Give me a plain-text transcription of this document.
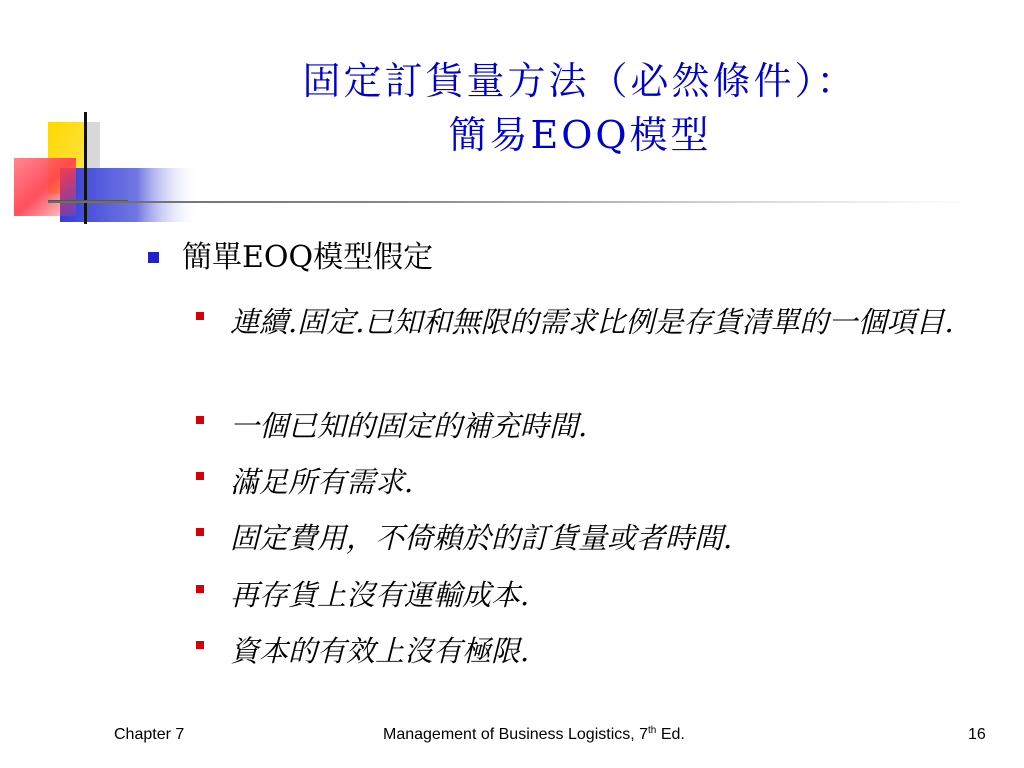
固定訂貨量方法（必然條件）：
簡易EOQ模型
簡單EOQ模型假定
連續.固定.已知和無限的需求比例是存貨清單的一個項目.
一個已知的固定的補充時間.
滿足所有需求.
固定費用，不倚賴於的訂貨量或者時間.
再存貨上沒有運輸成本.
資本的有效上沒有極限.
Chapter 7	Management of Business Logistics, 7th Ed.	16
